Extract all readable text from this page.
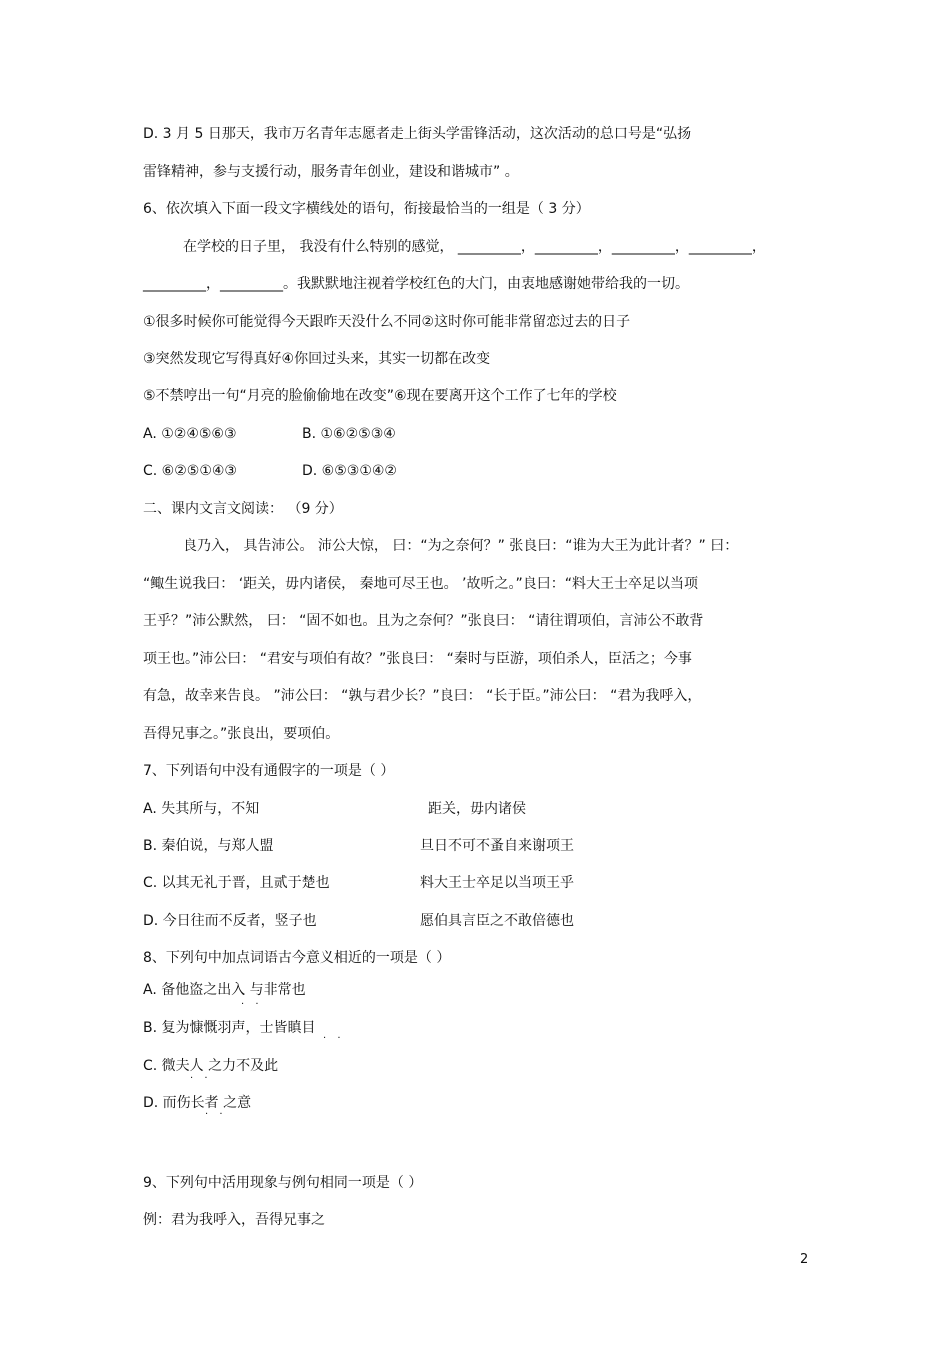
D. 3 月 5 日那天，我市万名青年志愿者走上街头学雷锋活动，这次活动的总口号是“弘扬
雷锋精神，参与支援行动，服务青年创业，建设和谐城市” 。
6、依次填入下面一段文字横线处的语句，衔接最恰当的一组是（ 3 分）
在学校的日子里， 我没有什么特别的感觉， _________，_________，_________，_________，
_________，_________。我默默地注视着学校红色的大门，由衷地感谢她带给我的一切。
①很多时候你可能觉得今天跟昨天没什么不同②这时你可能非常留恋过去的日子
③突然发现它写得真好④你回过头来，其实一切都在改变
⑤不禁哼出一句“月亮的脸偷偷地在改变”⑥现在要离开这个工作了七年的学校
A. ①②④⑤⑥③	B. ①⑥②⑤③④
C. ⑥②⑤①④③	D. ⑥⑤③①④②
二、课内文言文阅读： （9 分）
良乃入， 具告沛公。 沛公大惊， 曰：“为之奈何？” 张良曰：“谁为大王为此计者？” 曰：
“鲰生说我曰： ‘距关，毋内诸侯， 秦地可尽王也。 ’故听之。”良曰：“料大王士卒足以当项
王乎？”沛公默然， 曰： “固不如也。且为之奈何？”张良曰： “请往谓项伯，言沛公不敢背
项王也。”沛公曰： “君安与项伯有故？”张良曰： “秦时与臣游，项伯杀人，臣活之；今事
有急，故幸来告良。 ”沛公曰： “孰与君少长？”良曰： “长于臣。”沛公曰： “君为我呼入，
吾得兄事之。”张良出，要项伯。
7、下列语句中没有通假字的一项是（ ）
A. 失其所与，不知	距关，毋内诸侯
B. 秦伯说，与郑人盟	旦日不可不蚤自来谢项王
C. 以其无礼于晋，且贰于楚也	料大王士卒足以当项王乎
D. 今日往而不反者，竖子也	愿伯具言臣之不敢倍德也
8、下列句中加点词语古今意义相近的一项是（ ）
A. 备他盗之出入 与非常也
· ·
B. 复为慷慨羽声，士皆瞋目
· ·
C. 微夫人 之力不及此
· ·
D. 而伤长者 之意
· ·
9、下列句中活用现象与例句相同一项是（ ）
例：君为我呼入，吾得兄事之
2
